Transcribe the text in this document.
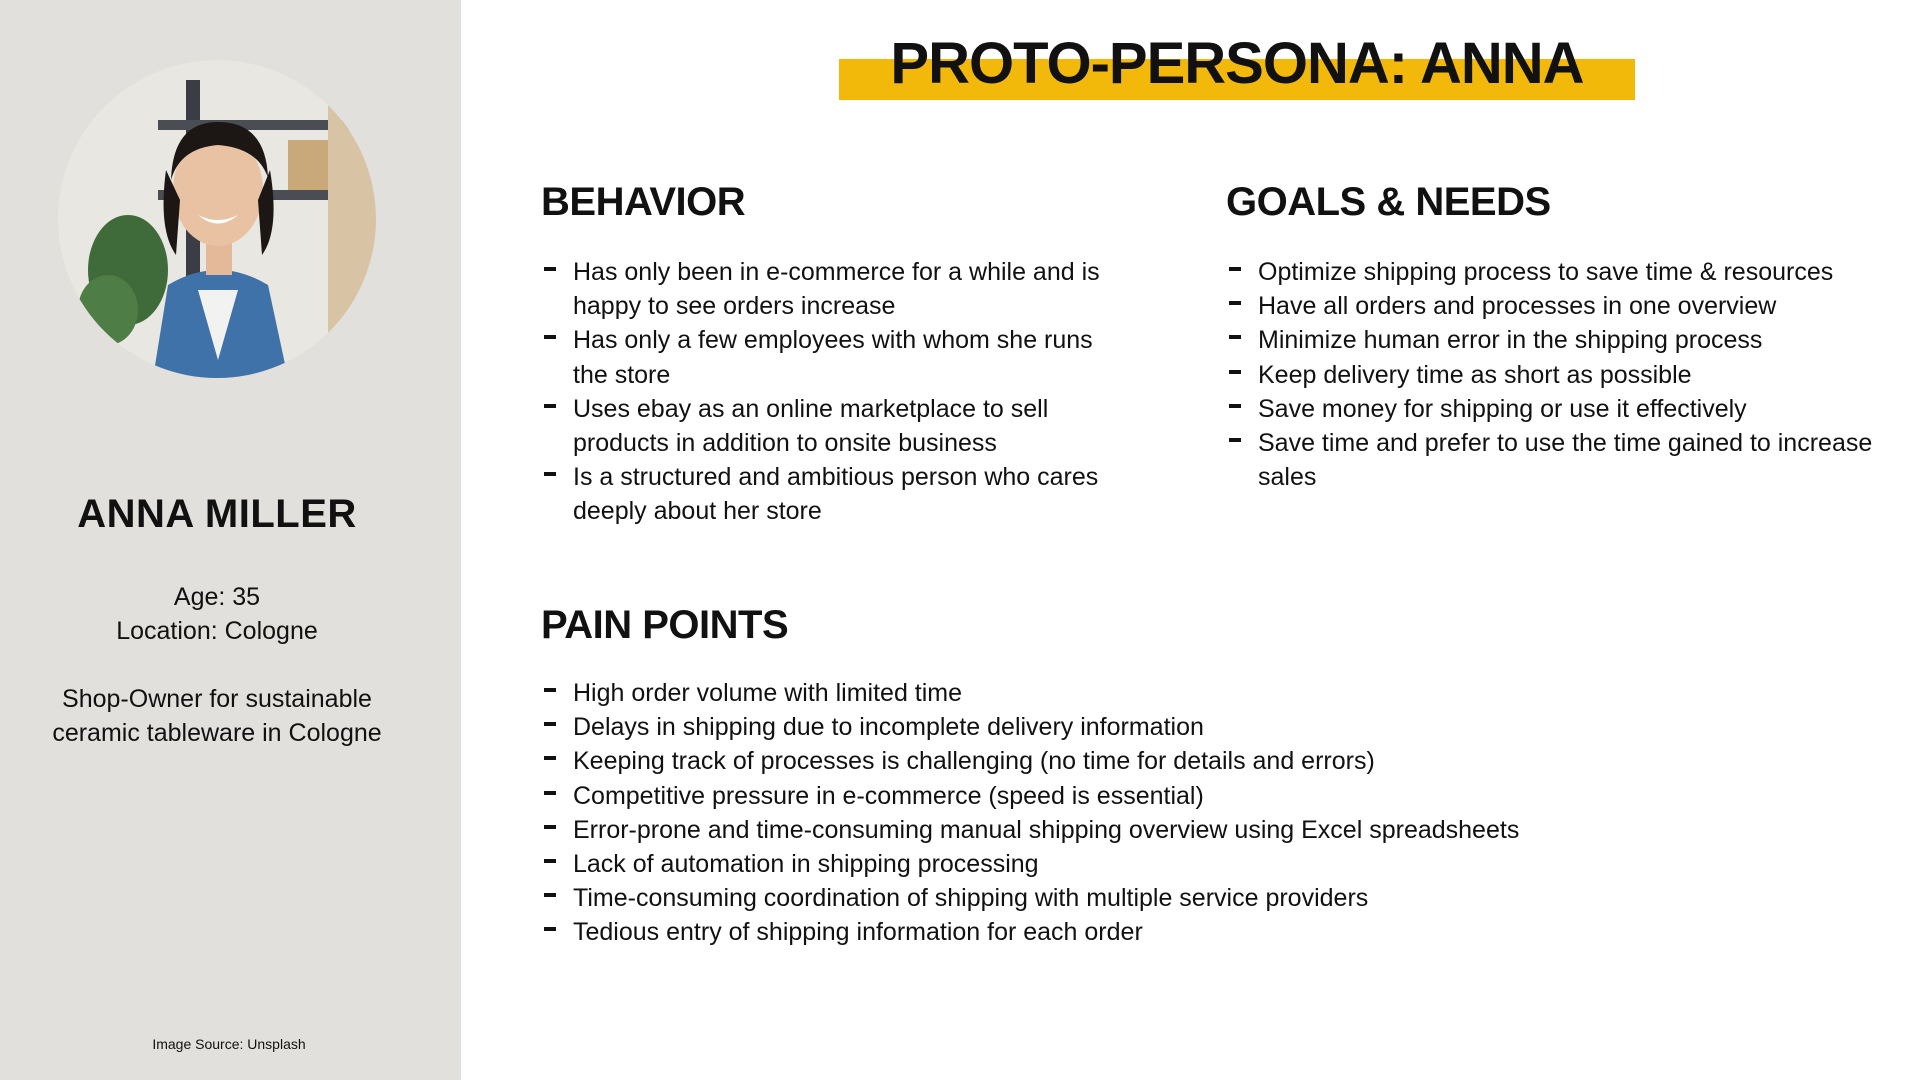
ANNA MILLER
Age: 35
Location: Cologne
Shop-Owner for sustainable ceramic tableware in Cologne
Image Source: Unsplash
PROTO-PERSONA: ANNA
BEHAVIOR
Has only been in e-commerce for a while and is happy to see orders increase
Has only a few employees with whom she runs the store
Uses ebay as an online marketplace to sell products in addition to onsite business
Is a structured and ambitious person who cares deeply about her store
GOALS & NEEDS
Optimize shipping process to save time & resources
Have all orders and processes in one overview
Minimize human error in the shipping process
Keep delivery time as short as possible
Save money for shipping or use it effectively
Save time and prefer to use the time gained to increase sales
PAIN POINTS
High order volume with limited time
Delays in shipping due to incomplete delivery information
Keeping track of processes is challenging (no time for details and errors)
Competitive pressure in e-commerce (speed is essential)
Error-prone and time-consuming manual shipping overview using Excel spreadsheets
Lack of automation in shipping processing
Time-consuming coordination of shipping with multiple service providers
Tedious entry of shipping information for each order
